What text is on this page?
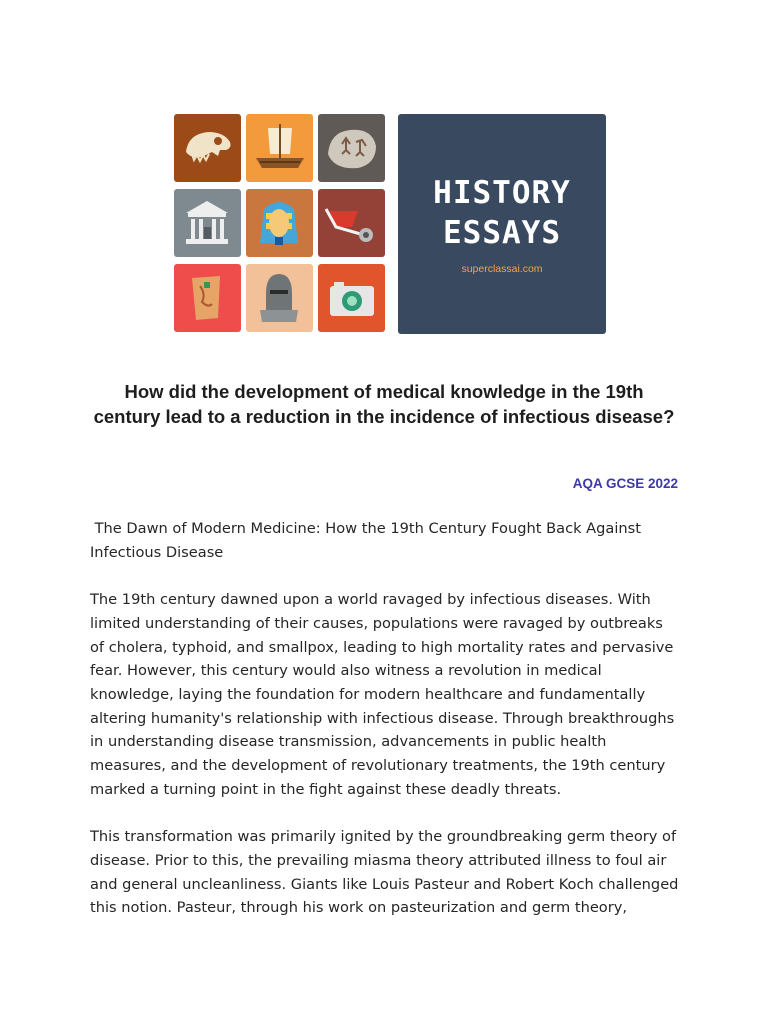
HISTORY
ESSAYS
superclassai.com
How did the development of medical knowledge in the 19th century lead to a reduction in the incidence of infectious disease?
AQA GCSE 2022

The Dawn of Modern Medicine: How the 19th Century Fought Back Against Infectious Disease

The 19th century dawned upon a world ravaged by infectious diseases. With limited understanding of their causes, populations were ravaged by outbreaks of cholera, typhoid, and smallpox, leading to high mortality rates and pervasive fear. However, this century would also witness a revolution in medical knowledge, laying the foundation for modern healthcare and fundamentally altering humanity's relationship with infectious disease. Through breakthroughs in understanding disease transmission, advancements in public health measures, and the development of revolutionary treatments, the 19th century marked a turning point in the fight against these deadly threats.

This transformation was primarily ignited by the groundbreaking germ theory of disease. Prior to this, the prevailing miasma theory attributed illness to foul air and general uncleanliness. Giants like Louis Pasteur and Robert Koch challenged this notion. Pasteur, through his work on pasteurization and germ theory,
